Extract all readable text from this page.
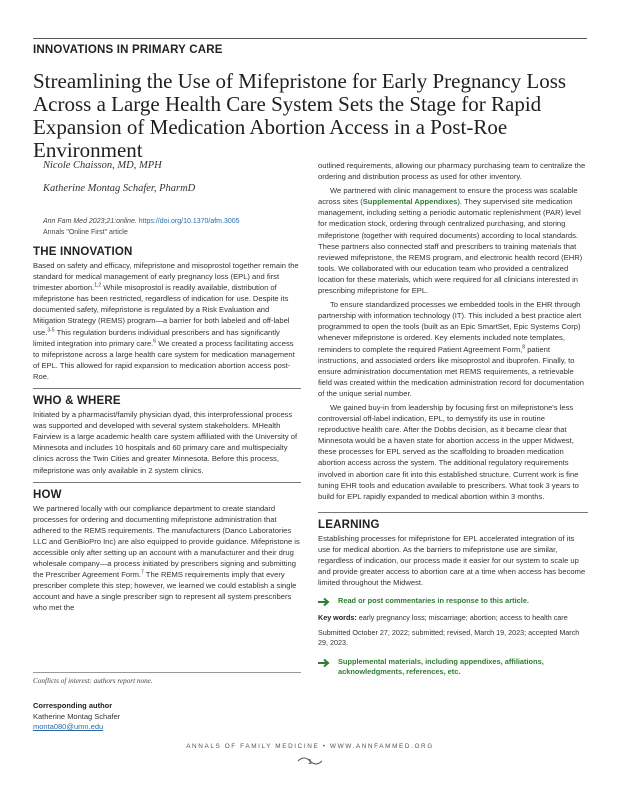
INNOVATIONS IN PRIMARY CARE
Streamlining the Use of Mifepristone for Early Pregnancy Loss Across a Large Health Care System Sets the Stage for Rapid Expansion of Medication Abortion Access in a Post-Roe Environment
Nicole Chaisson, MD, MPH
Katherine Montag Schafer, PharmD
Ann Fam Med 2023;21:online. https://doi.org/10.1370/afm.3005
Annals "Online First" article
THE INNOVATION

Based on safety and efficacy, mifepristone and misoprostol together remain the standard for medical management of early pregnancy loss (EPL) and first trimester abortion.$^{1,2}$ While misoprostol is readily available, distribution of mifepristone has been restricted, regardless of indication for use. Despite its documented safety, mifepristone is regulated by a Risk Evaluation and Mitigation Strategy (REMS) program—a barrier for both labeled and off-label use.$^{3-5}$ This regulation burdens individual prescribers and has significantly limited integration into primary care.$^6$ We created a process facilitating access to mifepristone across a large health care system for medication management of EPL. This allowed for rapid expansion to medication abortion access post-Roe.

WHO & WHERE

Initiated by a pharmacist/family physician dyad, this interprofessional process was supported and developed with several system stakeholders. MHealth Fairview is a large academic health care system affiliated with the University of Minnesota and includes 10 hospitals and 60 primary care and multispecialty clinics across the Twin Cities and greater Minnesota. Before this process, mifepristone was only available in 2 system clinics.

HOW

We partnered locally with our compliance department to create standard processes for ordering and documenting mifepristone administration that adhered to the REMS requirements. The manufacturers (Danco Laboratories LLC and GenBioPro Inc) are also equipped to provide guidance. Mifepristone is accessible only after setting up an account with a manufacturer and their drug wholesale company—a process initiated by prescribers signing and submitting the Prescriber Agreement Form.$^7$ The REMS requirements imply that every prescriber complete this step; however, we learned we could establish a single account and have a single prescriber sign to represent all system prescribers who met the

Conflicts of interest: authors report none.
Corresponding author
Katherine Montag Schafer
monta080@umn.edu

outlined requirements, allowing our pharmacy purchasing team to centralize the ordering and distribution process as used for other inventory.

We partnered with clinic management to ensure the process was scalable across sites (Supplemental Appendixes). They supervised site medication management, including setting a periodic automatic replenishment (PAR) level for medication stock, ordering through centralized purchasing, and storing mifepristone (together with required documents) according to local standards. These partners also connected staff and prescribers to training materials that reviewed mifepristone, the REMS program, and electronic health record (EHR) tools. We collaborated with our education team who provided a centralized location for these materials, which were required for all clinicians interested in prescribing mifepristone for EPL.

To ensure standardized processes we embedded tools in the EHR through partnership with information technology (IT). This included a best practice alert programmed to open the tools (built as an Epic SmartSet, Epic Systems Corp) whenever mifepristone is ordered. Key elements included note templates, reminders to complete the required Patient Agreement Form,$^8$ patient instructions, and associated orders like misoprostol and ibuprofen. Finally, to ensure administration documentation met REMS requirements, a retrievable field was created within the medication administration record for documentation of the unique serial number.

We gained buy-in from leadership by focusing first on mifepristone's less controversial off-label indication, EPL, to demystify its use in routine reproductive health care. After the Dobbs decision, as it became clear that Minnesota would be a haven state for abortion access in the upper Midwest, these processes for EPL served as the scaffolding to broaden medication abortion access across the system. The additional regulatory requirements involved in abortion care fit into this established structure. Current work is fine tuning EHR tools and education available to prescribers. What took 3 years to build for EPL rapidly expanded to medical abortion within 3 months.

LEARNING

Establishing processes for mifepristone for EPL accelerated integration of its use for medical abortion. As the barriers to mifepristone use are similar, regardless of indication, our process made it easier for our system to scale up and provide greater access to abortion care at a time when access has become limited throughout the Midwest.

Read or post commentaries in response to this article.
Key words: early pregnancy loss; miscarriage; abortion; access to health care
Submitted October 27, 2022; submitted; revised, March 19, 2023; accepted March 29, 2023.
Supplemental materials, including appendixes, affiliations, acknowledgments, references, etc.
ANNALS OF FAMILY MEDICINE • WWW.ANNFAMMED.ORG
1
